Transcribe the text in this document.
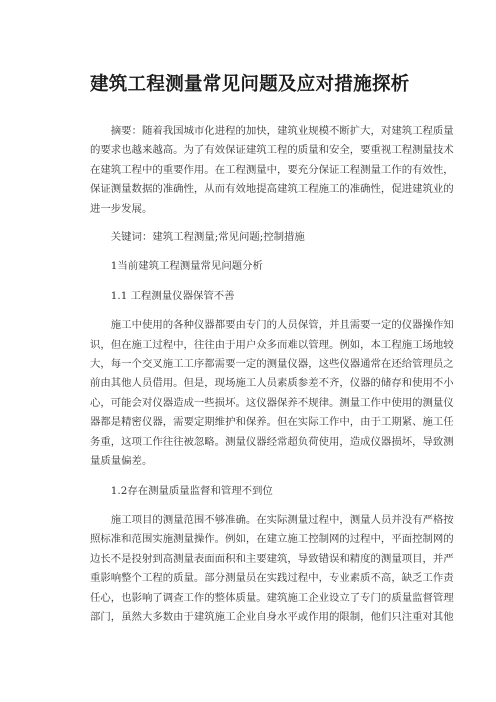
建筑工程测量常见问题及应对措施探析

摘要：随着我国城市化进程的加快，建筑业规模不断扩大，对建筑工程质量
的要求也越来越高。为了有效保证建筑工程的质量和安全，要重视工程测量技术
在建筑工程中的重要作用。在工程测量中，要充分保证工程测量工作的有效性，
保证测量数据的准确性，从而有效地提高建筑工程施工的准确性，促进建筑业的
进一步发展。

关键词：建筑工程测量;常见问题;控制措施

1当前建筑工程测量常见问题分析

1.1 工程测量仪器保管不善

施工中使用的各种仪器都要由专门的人员保管，并且需要一定的仪器操作知
识，但在施工过程中，往往由于用户众多而难以管理。例如，本工程施工场地较
大，每一个交叉施工工序都需要一定的测量仪器，这些仪器通常在还给管理员之
前由其他人员借用。但是，现场施工人员素质参差不齐，仪器的储存和使用不小
心，可能会对仪器造成一些损坏。这仪器保养不规律。测量工作中使用的测量仪
器都是精密仪器，需要定期维护和保养。但在实际工作中，由于工期紧、施工任
务重，这项工作往往被忽略。测量仪器经常超负荷使用，造成仪器损坏，导致测
量质量偏差。

1.2存在测量质量监督和管理不到位

施工项目的测量范围不够准确。在实际测量过程中，测量人员并没有严格按
照标准和范围实施测量操作。例如，在建立施工控制网的过程中，平面控制网的
边长不是投射到高测量表面面积和主要建筑，导致错误和精度的测量项目，并严
重影响整个工程的质量。部分测量员在实践过程中，专业素质不高，缺乏工作责
任心，也影响了调查工作的整体质量。建筑施工企业设立了专门的质量监督管理
部门，虽然大多数由于建筑施工企业自身水平或作用的限制，他们只注重对其他
